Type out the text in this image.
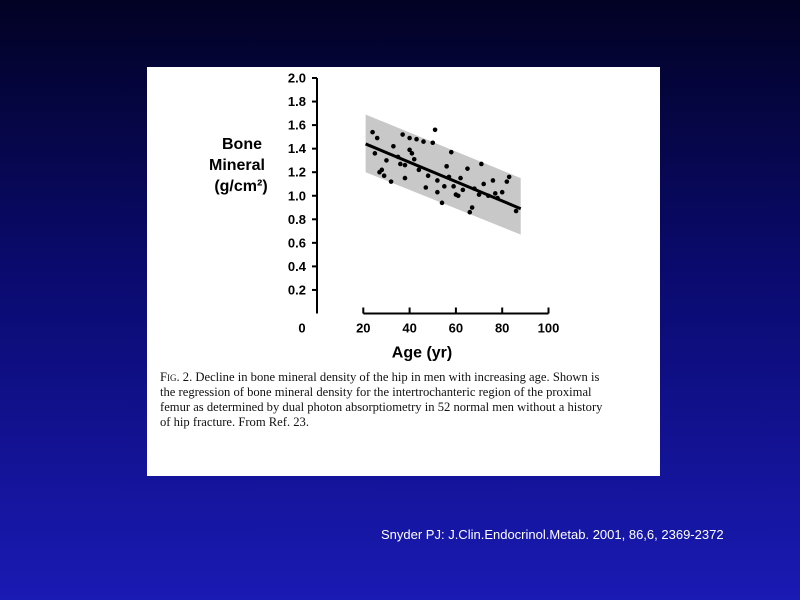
0.2
0.4
0.6
0.8
1.0
1.2
1.4
1.6
1.8
2.0
0	20 40 60 80 100
Age (yr)
Bone
Mineral
(g/cm²)
Fig. 2. Decline in bone mineral density of the hip in men with increasing age. Shown is the regression of bone mineral density for the intertrochanteric region of the proximal femur as determined by dual photon absorptiometry in 52 normal men without a history of hip fracture. From Ref. 23.
Snyder PJ: J.Clin.Endocrinol.Metab. 2001, 86,6, 2369-2372
